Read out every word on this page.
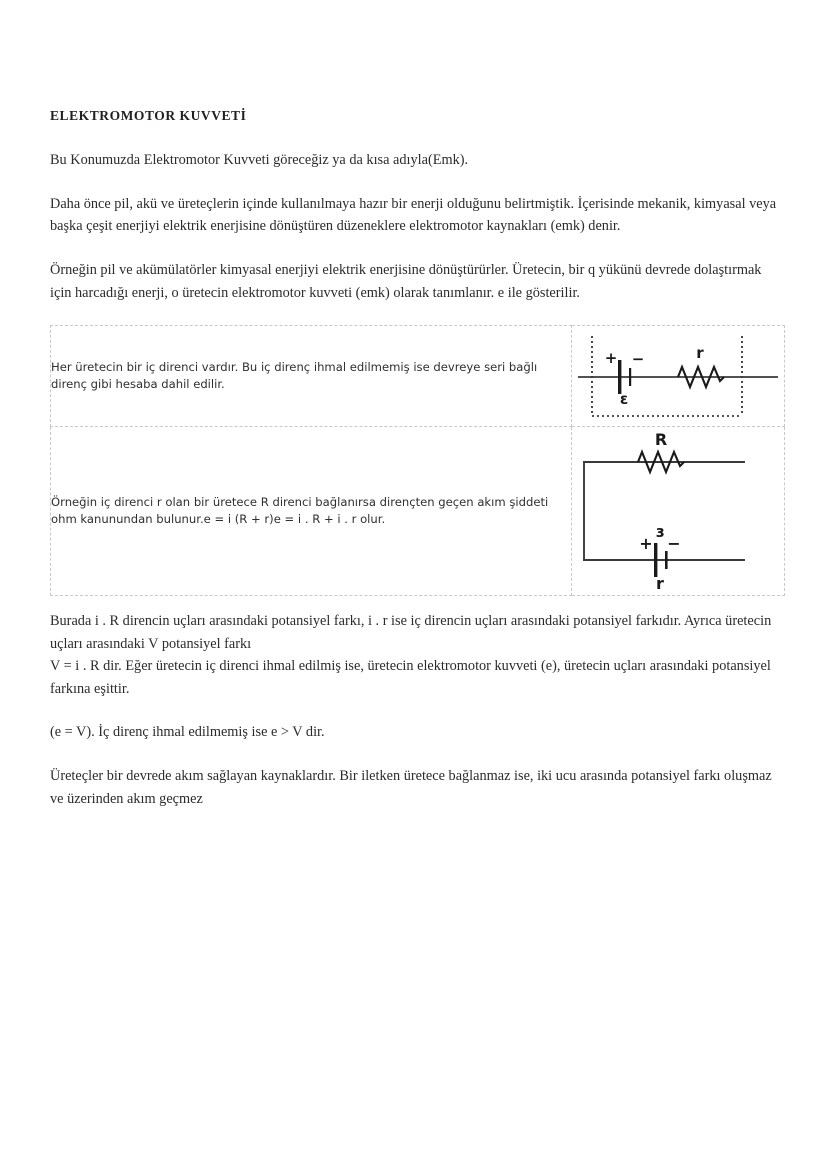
ELEKTROMOTOR KUVVETİ

Bu Konumuzda Elektromotor Kuvveti göreceğiz ya da kısa adıyla(Emk).

Daha önce pil, akü ve üreteçlerin içinde kullanılmaya hazır bir enerji olduğunu belirtmiştik. İçerisinde mekanik, kimyasal veya başka çeşit enerjiyi elektrik enerjisine dönüştüren düzeneklere elektromotor kaynakları (emk) denir.

Örneğin pil ve akümülatörler kimyasal enerjiyi elektrik enerjisine dönüştürürler. Üretecin, bir q yükünü devrede dolaştırmak için harcadığı enerji, o üretecin elektromotor kuvveti (emk) olarak tanımlanır. e ile gösterilir.

Her üretecin bir iç direnci vardır. Bu iç direnç ihmal edilmemiş ise devreye seri bağlı direnç gibi hesaba dahil edilir.	+ −
ε
r

Örneğin iç direnci r olan bir üretece R direnci bağlanırsa dirençten geçen akım şiddeti ohm kanunundan bulunur.e = i (R + r)e = i . R + i . r olur.	R
ε
+ −
r

Burada i . R direncin uçları arasındaki potansiyel farkı, i . r ise iç direncin uçları arasındaki potansiyel farkıdır. Ayrıca üretecin uçları arasındaki V potansiyel farkı

V = i . R dir. Eğer üretecin iç direnci ihmal edilmiş ise, üretecin elektromotor kuvveti (e), üretecin uçları arasındaki potansiyel farkına eşittir.

(e = V). İç direnç ihmal edilmemiş ise e > V dir.

Üreteçler bir devrede akım sağlayan kaynaklardır. Bir iletken üretece bağlanmaz ise, iki ucu arasında potansiyel farkı oluşmaz ve üzerinden akım geçmez
